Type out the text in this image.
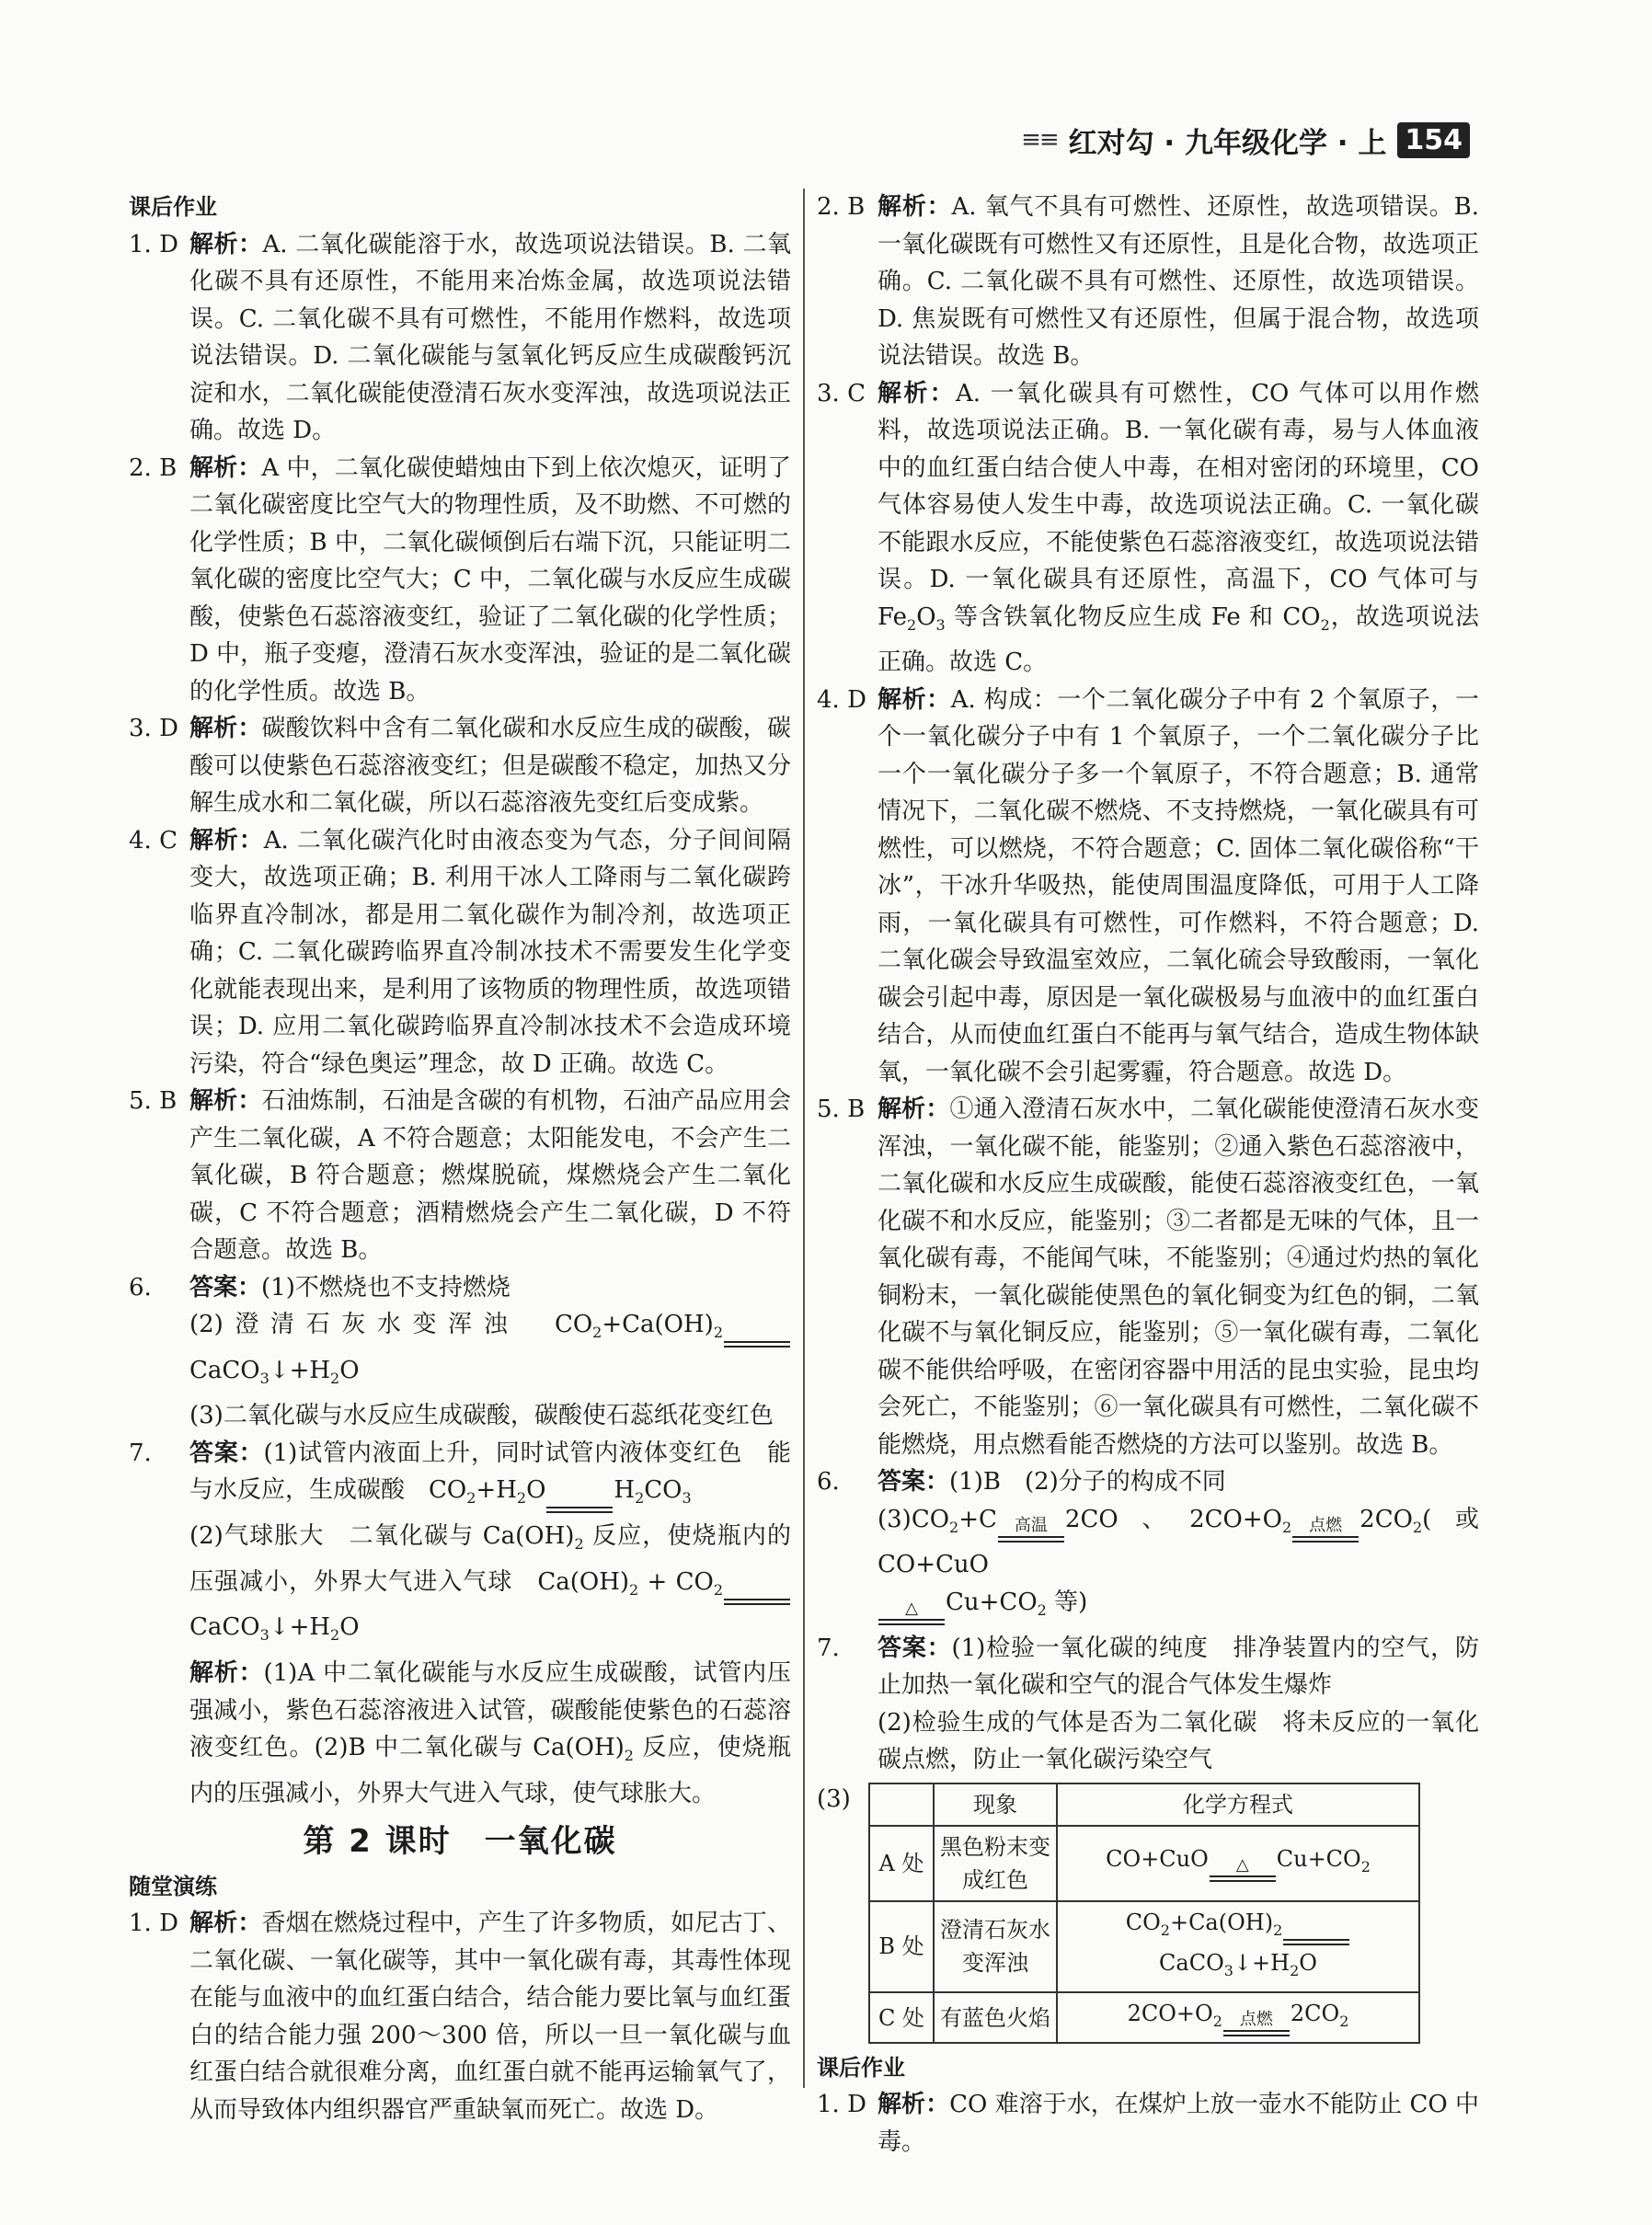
≡≡ 红对勾 · 九年级化学 · 上 154

课后作业

1. D 解析：A. 二氧化碳能溶于水，故选项说法错误。B. 二氧化碳不具有还原性，不能用来冶炼金属，故选项说法错误。C. 二氧化碳不具有可燃性，不能用作燃料，故选项说法错误。D. 二氧化碳能与氢氧化钙反应生成碳酸钙沉淀和水，二氧化碳能使澄清石灰水变浑浊，故选项说法正确。故选 D。

2. B 解析：A 中，二氧化碳使蜡烛由下到上依次熄灭，证明了二氧化碳密度比空气大的物理性质，及不助燃、不可燃的化学性质；B 中，二氧化碳倾倒后右端下沉，只能证明二氧化碳的密度比空气大；C 中，二氧化碳与水反应生成碳酸，使紫色石蕊溶液变红，验证了二氧化碳的化学性质；D 中，瓶子变瘪，澄清石灰水变浑浊，验证的是二氧化碳的化学性质。故选 B。

3. D 解析：碳酸饮料中含有二氧化碳和水反应生成的碳酸，碳酸可以使紫色石蕊溶液变红；但是碳酸不稳定，加热又分解生成水和二氧化碳，所以石蕊溶液先变红后变成紫。

4. C 解析：A. 二氧化碳汽化时由液态变为气态，分子间间隔变大，故选项正确；B. 利用干冰人工降雨与二氧化碳跨临界直冷制冰，都是用二氧化碳作为制冷剂，故选项正确；C. 二氧化碳跨临界直冷制冰技术不需要发生化学变化就能表现出来，是利用了该物质的物理性质，故选项错误；D. 应用二氧化碳跨临界直冷制冰技术不会造成环境污染，符合“绿色奥运”理念，故 D 正确。故选 C。

5. B 解析：石油炼制，石油是含碳的有机物，石油产品应用会产生二氧化碳，A 不符合题意；太阳能发电，不会产生二氧化碳，B 符合题意；燃煤脱硫，煤燃烧会产生二氧化碳，C 不符合题意；酒精燃烧会产生二氧化碳，D 不符合题意。故选 B。

6. 答案：(1)不燃烧也不支持燃烧

(2)澄清石灰水变浑浊　$CO_2+Ca(OH)_2$

$CaCO_3↓+H_2O$

(3)二氧化碳与水反应生成碳酸，碳酸使石蕊纸花变红色

7. 答案：(1)试管内液面上升，同时试管内液体变红色　能与水反应，生成碳酸　$CO_2+H_2O$
	$H_2CO_3$

(2)气球胀大　二氧化碳与 $Ca(OH)_2$ 反应，使烧瓶内的压强减小，外界大气进入气球　$Ca(OH)_2 + CO_2$

$CaCO_3↓+H_2O$

解析：(1)A 中二氧化碳能与水反应生成碳酸，试管内压强减小，紫色石蕊溶液进入试管，碳酸能使紫色的石蕊溶液变红色。(2)B 中二氧化碳与 $Ca(OH)_2$ 反应，使烧瓶内的压强减小，外界大气进入气球，使气球胀大。

第 2 课时　一氧化碳

随堂演练

1. D 解析：香烟在燃烧过程中，产生了许多物质，如尼古丁、二氧化碳、一氧化碳等，其中一氧化碳有毒，其毒性体现在能与血液中的血红蛋白结合，结合能力要比氧与血红蛋白的结合能力强 200～300 倍，所以一旦一氧化碳与血红蛋白结合就很难分离，血红蛋白就不能再运输氧气了，从而导致体内组织器官严重缺氧而死亡。故选 D。

2. B 解析：A. 氧气不具有可燃性、还原性，故选项错误。B. 一氧化碳既有可燃性又有还原性，且是化合物，故选项正确。C. 二氧化碳不具有可燃性、还原性，故选项错误。D. 焦炭既有可燃性又有还原性，但属于混合物，故选项说法错误。故选 B。

3. C 解析：A. 一氧化碳具有可燃性，CO 气体可以用作燃料，故选项说法正确。B. 一氧化碳有毒，易与人体血液中的血红蛋白结合使人中毒，在相对密闭的环境里，CO 气体容易使人发生中毒，故选项说法正确。C. 一氧化碳不能跟水反应，不能使紫色石蕊溶液变红，故选项说法错误。D. 一氧化碳具有还原性，高温下，CO 气体可与 $Fe_2O_3$ 等含铁氧化物反应生成 Fe 和 $CO_2$，故选项说法正确。故选 C。

4. D 解析：A. 构成：一个二氧化碳分子中有 2 个氧原子，一个一氧化碳分子中有 1 个氧原子，一个二氧化碳分子比一个一氧化碳分子多一个氧原子，不符合题意；B. 通常情况下，二氧化碳不燃烧、不支持燃烧，一氧化碳具有可燃性，可以燃烧，不符合题意；C. 固体二氧化碳俗称“干冰”，干冰升华吸热，能使周围温度降低，可用于人工降雨，一氧化碳具有可燃性，可作燃料，不符合题意；D. 二氧化碳会导致温室效应，二氧化硫会导致酸雨，一氧化碳会引起中毒，原因是一氧化碳极易与血液中的血红蛋白结合，从而使血红蛋白不能再与氧气结合，造成生物体缺氧，一氧化碳不会引起雾霾，符合题意。故选 D。

5. B 解析：①通入澄清石灰水中，二氧化碳能使澄清石灰水变浑浊，一氧化碳不能，能鉴别；②通入紫色石蕊溶液中，二氧化碳和水反应生成碳酸，能使石蕊溶液变红色，一氧化碳不和水反应，能鉴别；③二者都是无味的气体，且一氧化碳有毒，不能闻气味，不能鉴别；④通过灼热的氧化铜粉末，一氧化碳能使黑色的氧化铜变为红色的铜，二氧化碳不与氧化铜反应，能鉴别；⑤一氧化碳有毒，二氧化碳不能供给呼吸，在密闭容器中用活的昆虫实验，昆虫均会死亡，不能鉴别；⑥一氧化碳具有可燃性，二氧化碳不能燃烧，用点燃看能否燃烧的方法可以鉴别。故选 B。

6. 答案：(1)B　(2)分子的构成不同

$(3)CO_2+C$ 高温 2CO、$2CO+O_2$ 点燃 $2CO_2$(或 CO+CuO

△ $Cu+CO_2$ 等)

7. 答案：(1)检验一氧化碳的纯度　排净装置内的空气，防止加热一氧化碳和空气的混合气体发生爆炸

(2)检验生成的气体是否为二氧化碳　将未反应的一氧化碳点燃，防止一氧化碳污染空气

(3)
		现象	化学方程式
A 处	黑色粉末变成红色	CO+CuO △ $Cu+CO_2$
B 处	澄清石灰水变浑浊	$CO_2+Ca(OH)_2$

$CaCO_3↓+H_2O$
C 处	有蓝色火焰	$2CO+O_2$ 点燃 $2CO_2$

课后作业

1. D 解析：CO 难溶于水，在煤炉上放一壶水不能防止 CO 中毒。
